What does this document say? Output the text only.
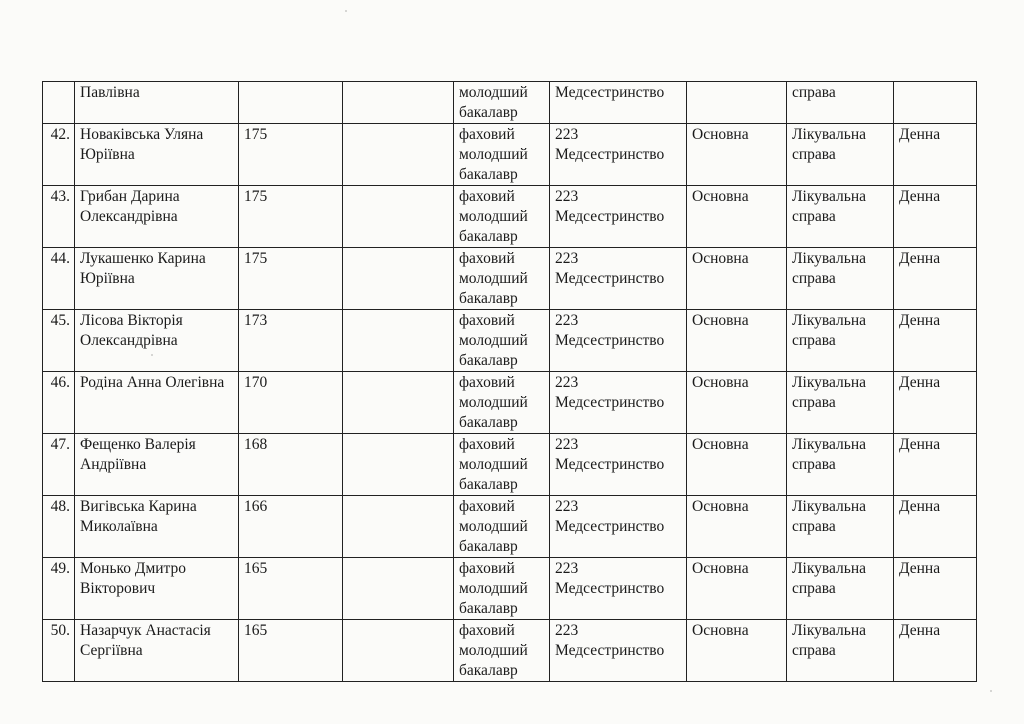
	Павлівна			молодший бакалавр	Медсестринство		справа	
42.	Новаківська Уляна Юріївна	175		фаховий молодший бакалавр	223 Медсестринство	Основна	Лікувальна справа	Денна
43.	Грибан Дарина Олександрівна	175		фаховий молодший бакалавр	223 Медсестринство	Основна	Лікувальна справа	Денна
44.	Лукашенко Карина Юріївна	175		фаховий молодший бакалавр	223 Медсестринство	Основна	Лікувальна справа	Денна
45.	Лісова Вікторія Олександрівна	173		фаховий молодший бакалавр	223 Медсестринство	Основна	Лікувальна справа	Денна
46.	Родіна Анна Олегівна	170		фаховий молодший бакалавр	223 Медсестринство	Основна	Лікувальна справа	Денна
47.	Фещенко Валерія Андріївна	168		фаховий молодший бакалавр	223 Медсестринство	Основна	Лікувальна справа	Денна
48.	Вигівська Карина Миколаївна	166		фаховий молодший бакалавр	223 Медсестринство	Основна	Лікувальна справа	Денна
49.	Монько Дмитро Вікторович	165		фаховий молодший бакалавр	223 Медсестринство	Основна	Лікувальна справа	Денна
50.	Назарчук Анастасія Сергіївна	165		фаховий молодший бакалавр	223 Медсестринство	Основна	Лікувальна справа	Денна
